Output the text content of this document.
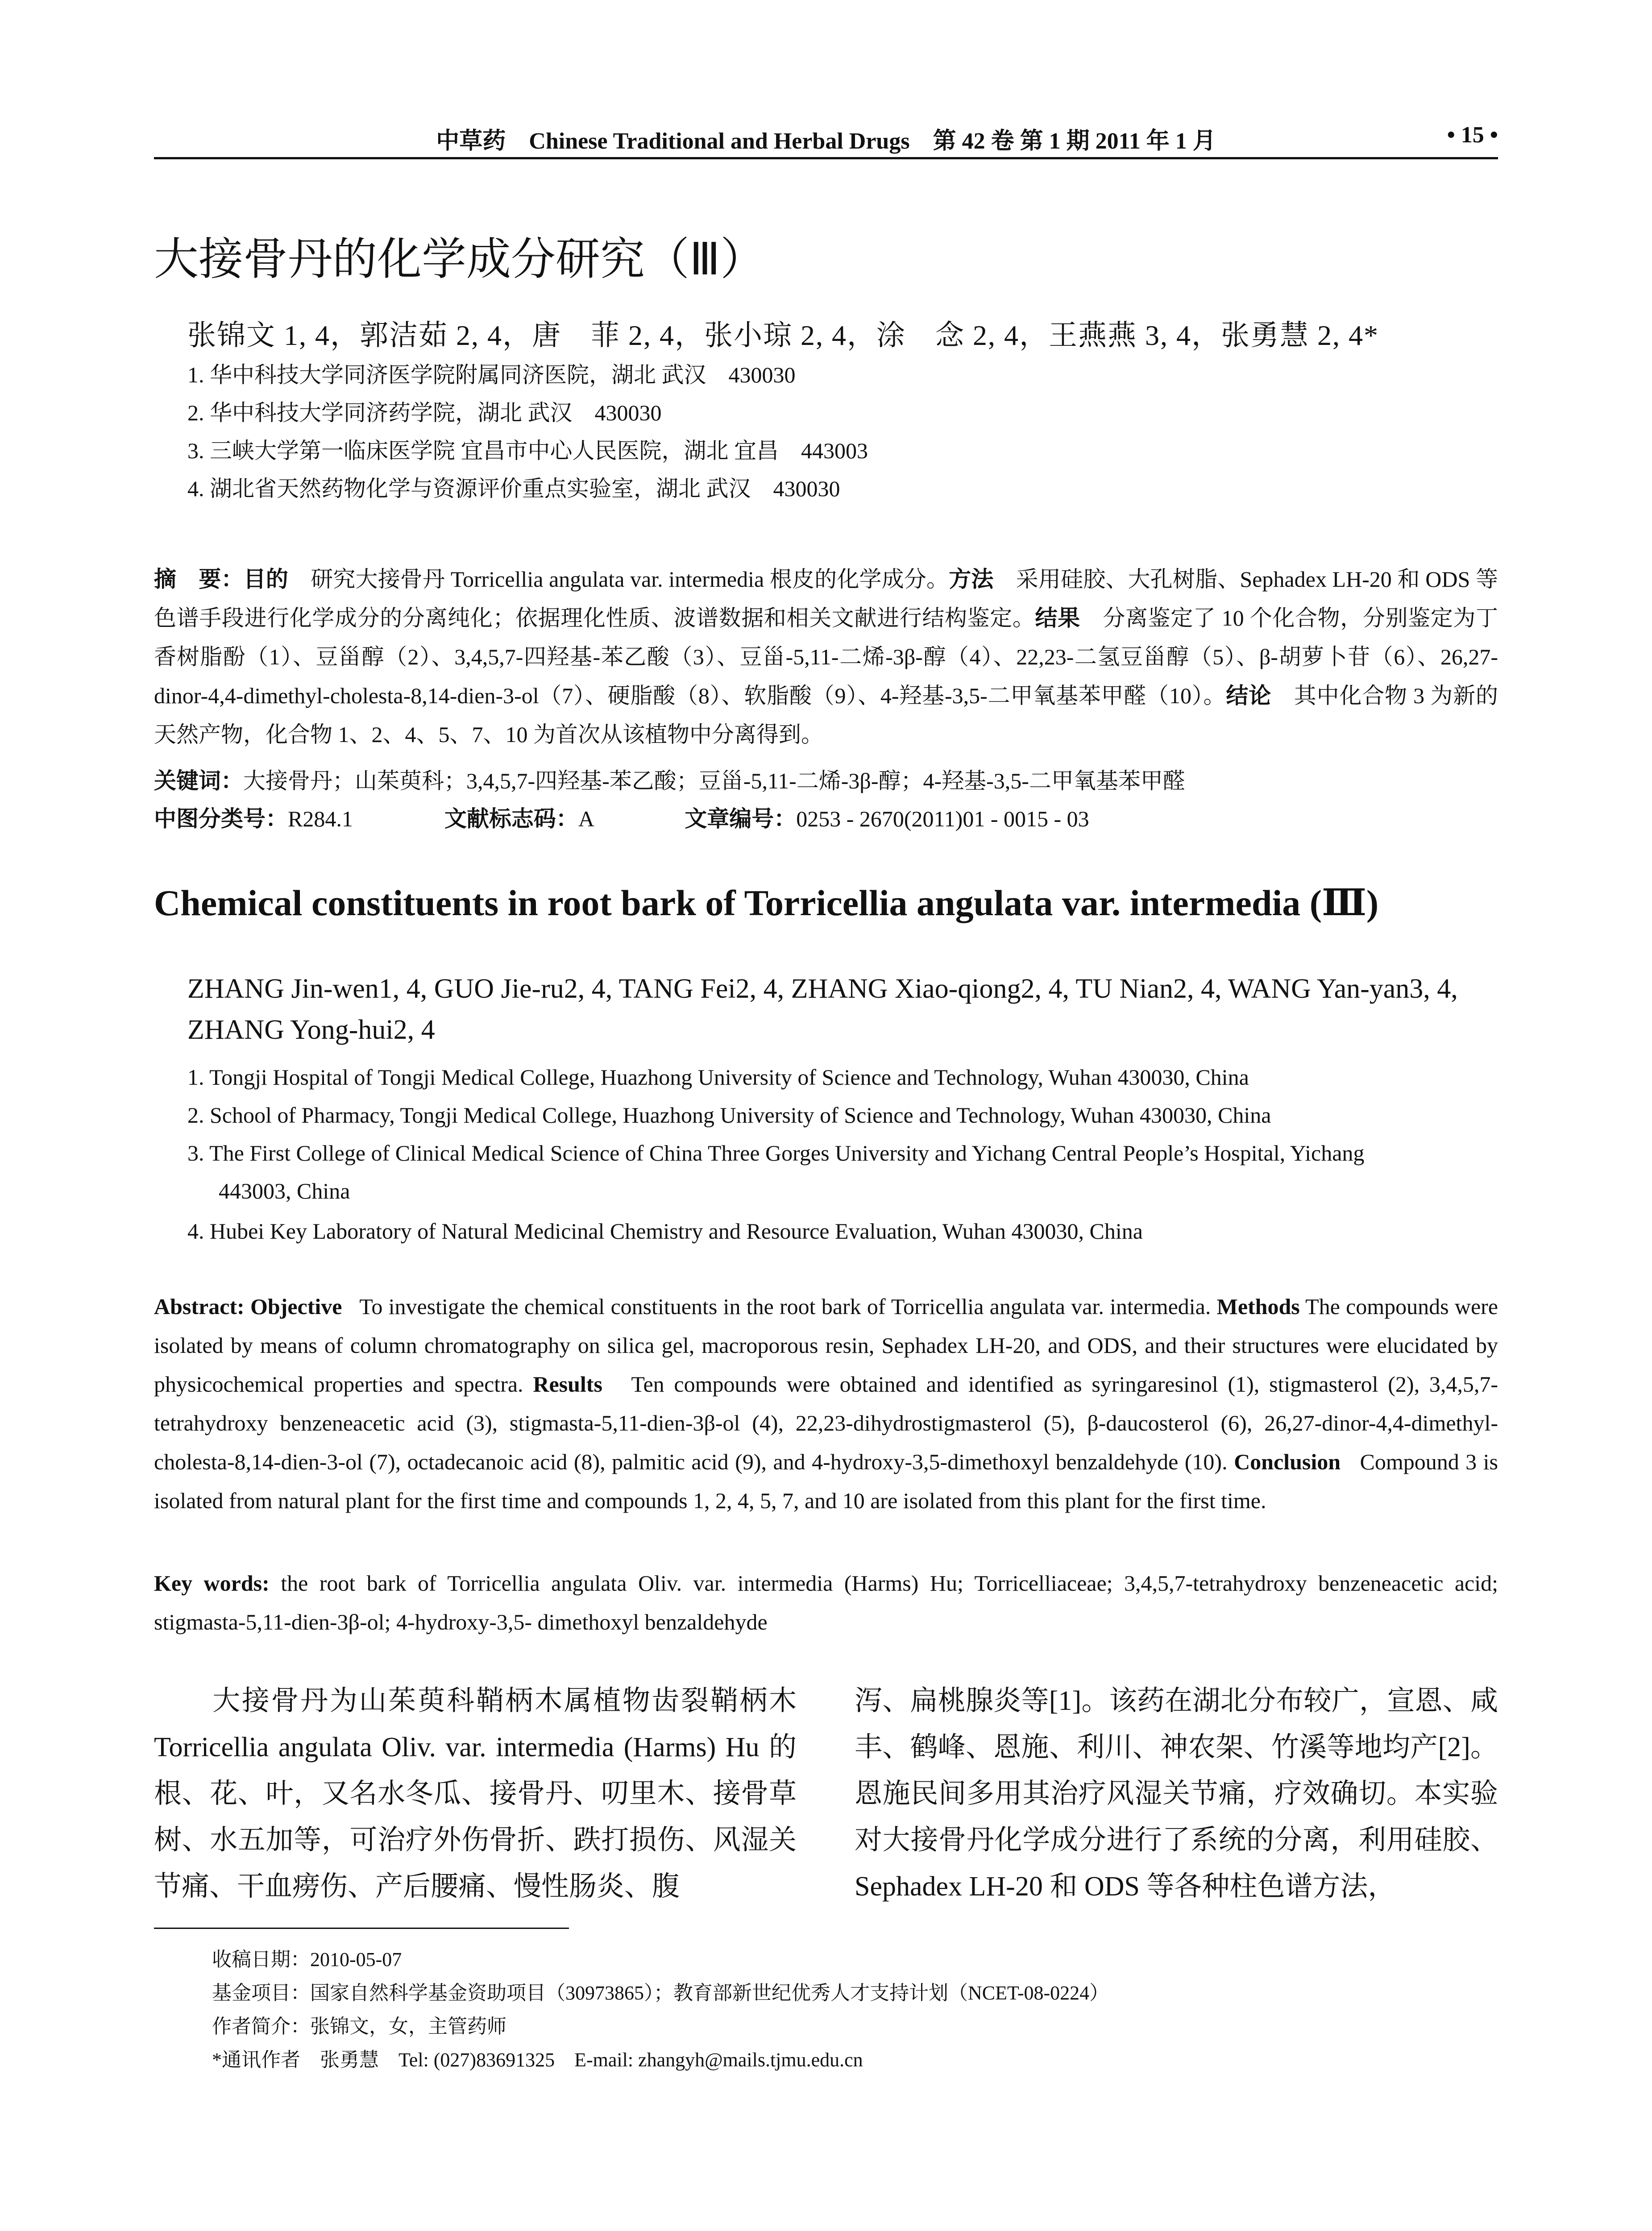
中草药 Chinese Traditional and Herbal Drugs 第 42 卷 第 1 期 2011 年 1 月	• 15 •
大接骨丹的化学成分研究（Ⅲ）
张锦文 1, 4，郭洁茹 2, 4，唐　菲 2, 4，张小琼 2, 4，涂　念 2, 4，王燕燕 3, 4，张勇慧 2, 4*
1. 华中科技大学同济医学院附属同济医院，湖北 武汉　430030
2. 华中科技大学同济药学院，湖北 武汉　430030
3. 三峡大学第一临床医学院 宜昌市中心人民医院，湖北 宜昌　443003
4. 湖北省天然药物化学与资源评价重点实验室，湖北 武汉　430030
摘　要：目的　研究大接骨丹 Torricellia angulata var. intermedia 根皮的化学成分。方法　采用硅胶、大孔树脂、Sephadex LH-20 和 ODS 等色谱手段进行化学成分的分离纯化；依据理化性质、波谱数据和相关文献进行结构鉴定。结果　分离鉴定了 10 个化合物，分别鉴定为丁香树脂酚（1）、豆甾醇（2）、3,4,5,7-四羟基-苯乙酸（3）、豆甾-5,11-二烯-3β-醇（4）、22,23-二氢豆甾醇（5）、β-胡萝卜苷（6）、26,27-dinor-4,4-dimethyl-cholesta-8,14-dien-3-ol（7）、硬脂酸（8）、软脂酸（9）、4-羟基-3,5-二甲氧基苯甲醛（10）。结论　其中化合物 3 为新的天然产物，化合物 1、2、4、5、7、10 为首次从该植物中分离得到。
关键词：大接骨丹；山茱萸科；3,4,5,7-四羟基-苯乙酸；豆甾-5,11-二烯-3β-醇；4-羟基-3,5-二甲氧基苯甲醛
中图分类号：R284.1	文献标志码：A	文章编号：0253 - 2670(2011)01 - 0015 - 03
Chemical constituents in root bark of Torricellia angulata var. intermedia (Ⅲ)
ZHANG Jin-wen1, 4, GUO Jie-ru2, 4, TANG Fei2, 4, ZHANG Xiao-qiong2, 4, TU Nian2, 4, WANG Yan-yan3, 4,
ZHANG Yong-hui2, 4
1. Tongji Hospital of Tongji Medical College, Huazhong University of Science and Technology, Wuhan 430030, China
2. School of Pharmacy, Tongji Medical College, Huazhong University of Science and Technology, Wuhan 430030, China
3. The First College of Clinical Medical Science of China Three Gorges University and Yichang Central People’s Hospital, Yichang
443003, China
4. Hubei Key Laboratory of Natural Medicinal Chemistry and Resource Evaluation, Wuhan 430030, China
Abstract: Objective To investigate the chemical constituents in the root bark of Torricellia angulata var. intermedia. Methods The compounds were isolated by means of column chromatography on silica gel, macroporous resin, Sephadex LH-20, and ODS, and their structures were elucidated by physicochemical properties and spectra. Results Ten compounds were obtained and identified as syringaresinol (1), stigmasterol (2), 3,4,5,7-tetrahydroxy benzeneacetic acid (3), stigmasta-5,11-dien-3β-ol (4), 22,23-dihydrostigmasterol (5), β-daucosterol (6), 26,27-dinor-4,4-dimethyl-cholesta-8,14-dien-3-ol (7), octadecanoic acid (8), palmitic acid (9), and 4-hydroxy-3,5-dimethoxyl benzaldehyde (10). Conclusion Compound 3 is isolated from natural plant for the first time and compounds 1, 2, 4, 5, 7, and 10 are isolated from this plant for the first time.
Key words: the root bark of Torricellia angulata Oliv. var. intermedia (Harms) Hu; Torricelliaceae; 3,4,5,7-tetrahydroxy benzeneacetic acid; stigmasta-5,11-dien-3β-ol; 4-hydroxy-3,5- dimethoxyl benzaldehyde
　　大接骨丹为山茱萸科鞘柄木属植物齿裂鞘柄木 Torricellia angulata Oliv. var. intermedia (Harms) Hu 的根、花、叶，又名水冬瓜、接骨丹、叨里木、接骨草树、水五加等，可治疗外伤骨折、跌打损伤、风湿关节痛、干血痨伤、产后腰痛、慢性肠炎、腹
泻、扁桃腺炎等[1]。该药在湖北分布较广，宣恩、咸丰、鹤峰、恩施、利川、神农架、竹溪等地均产[2]。恩施民间多用其治疗风湿关节痛，疗效确切。本实验对大接骨丹化学成分进行了系统的分离，利用硅胶、Sephadex LH-20 和 ODS 等各种柱色谱方法，
收稿日期：2010-05-07
基金项目：国家自然科学基金资助项目（30973865）；教育部新世纪优秀人才支持计划（NCET-08-0224）
作者简介：张锦文，女，主管药师
*通讯作者　张勇慧　Tel: (027)83691325　E-mail: zhangyh@mails.tjmu.edu.cn
